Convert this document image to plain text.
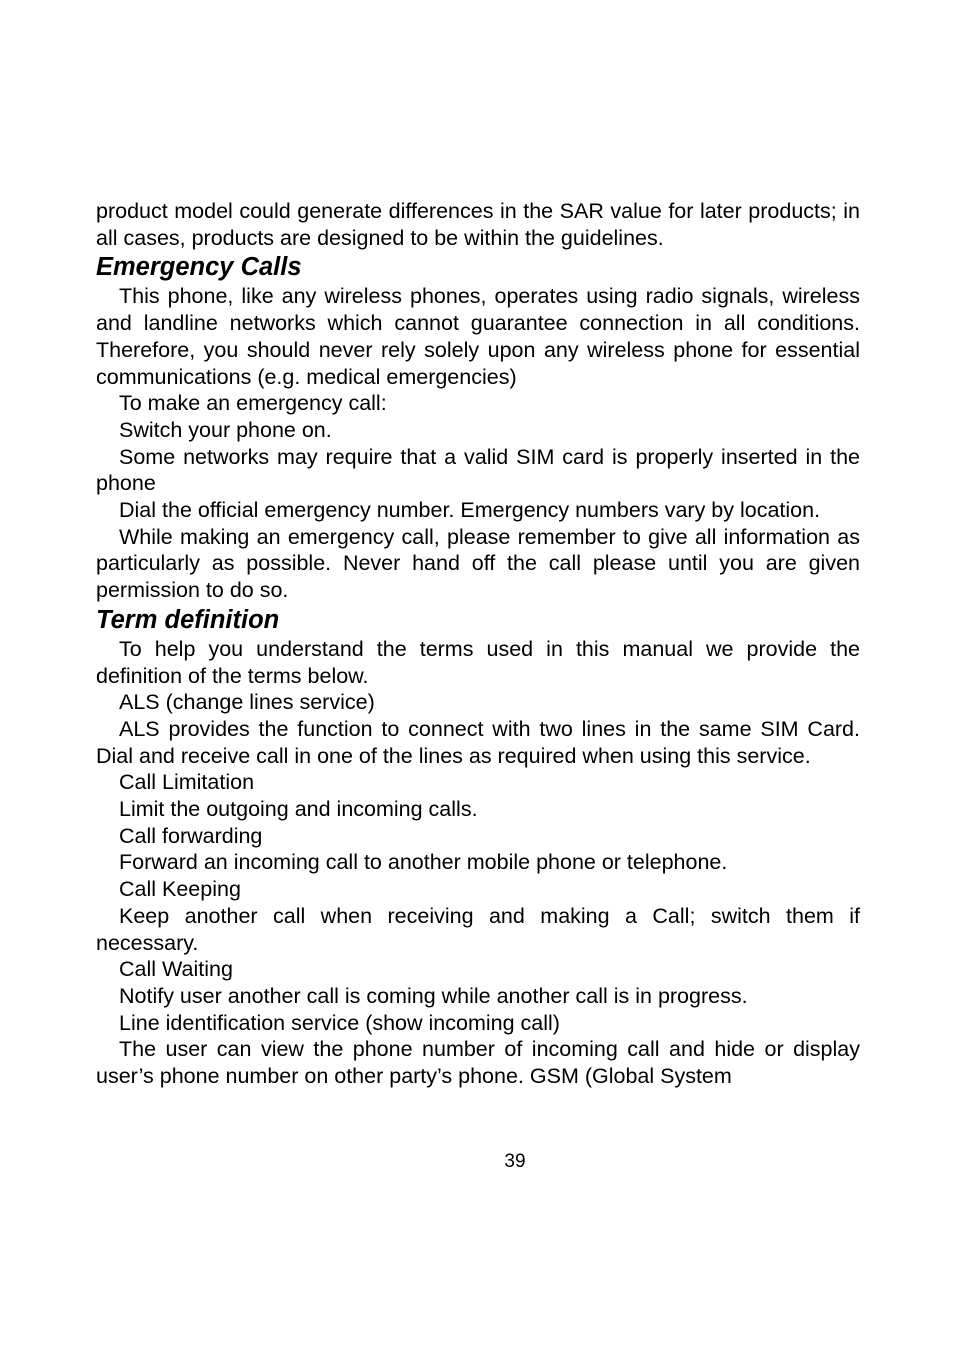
product model could generate differences in the SAR value for later products; in all cases, products are designed to be within the guidelines.

Emergency Calls

This phone, like any wireless phones, operates using radio signals, wireless and landline networks which cannot guarantee connection in all conditions. Therefore, you should never rely solely upon any wireless phone for essential communications (e.g. medical emergencies)

To make an emergency call:

Switch your phone on.

Some networks may require that a valid SIM card is properly inserted in the phone

Dial the official emergency number. Emergency numbers vary by location.

While making an emergency call, please remember to give all information as particularly as possible. Never hand off the call please until you are given permission to do so.

Term definition

To help you understand the terms used in this manual we provide the definition of the terms below.

ALS (change lines service)

ALS provides the function to connect with two lines in the same SIM Card. Dial and receive call in one of the lines as required when using this service.

Call Limitation

Limit the outgoing and incoming calls.

Call forwarding

Forward an incoming call to another mobile phone or telephone.

Call Keeping

Keep another call when receiving and making a Call; switch them if necessary.

Call Waiting

Notify user another call is coming while another call is in progress.

Line identification service (show incoming call)

The user can view the phone number of incoming call and hide or display user’s phone number on other party’s phone. GSM (Global System

39
